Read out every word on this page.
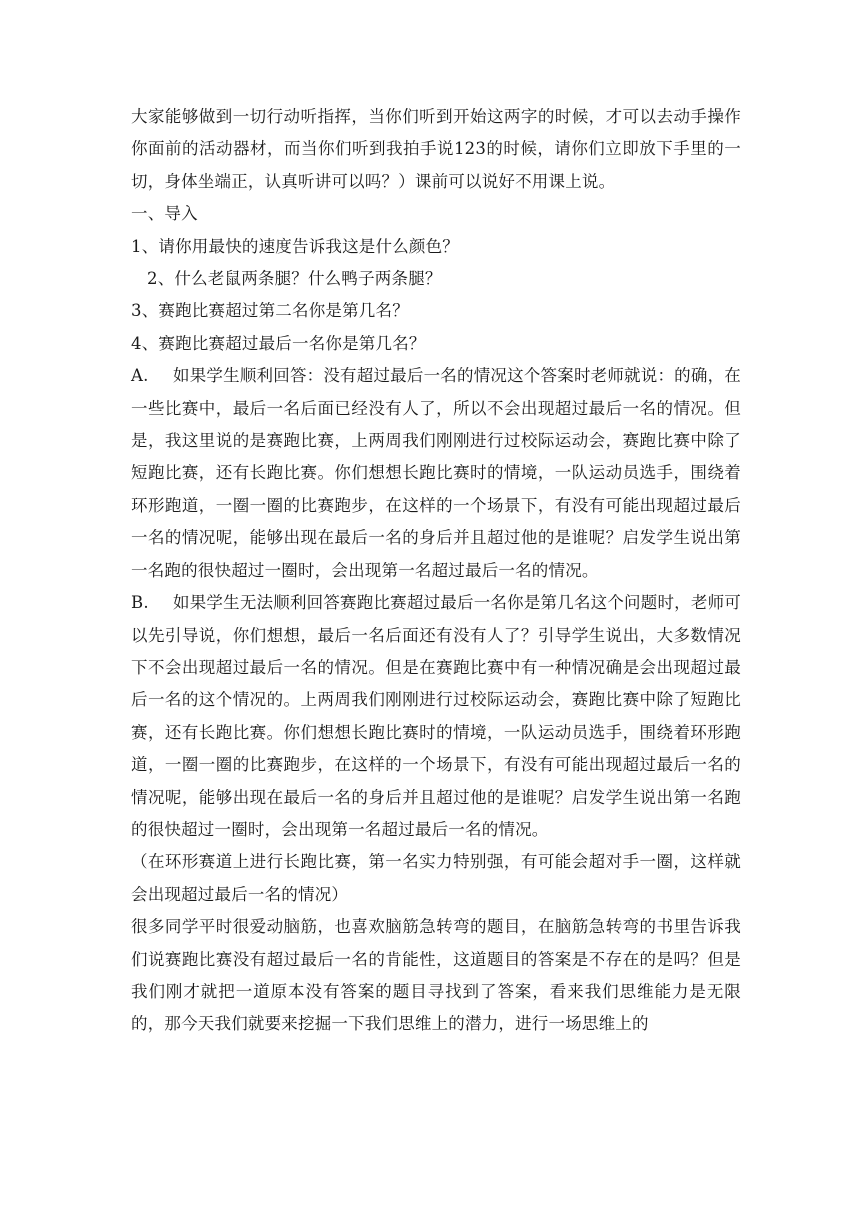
大家能够做到一切行动听指挥，当你们听到开始这两字的时候，才可以去动手操作你面前的活动器材，而当你们听到我拍手说123的时候，请你们立即放下手里的一切，身体坐端正，认真听讲可以吗？）课前可以说好不用课上说。

一、导入

1、请你用最快的速度告诉我这是什么颜色？

2、什么老鼠两条腿？什么鸭子两条腿？

3、赛跑比赛超过第二名你是第几名？

4、赛跑比赛超过最后一名你是第几名？

A. 如果学生顺利回答：没有超过最后一名的情况这个答案时老师就说：的确，在一些比赛中，最后一名后面已经没有人了，所以不会出现超过最后一名的情况。但是，我这里说的是赛跑比赛，上两周我们刚刚进行过校际运动会，赛跑比赛中除了短跑比赛，还有长跑比赛。你们想想长跑比赛时的情境，一队运动员选手，围绕着环形跑道，一圈一圈的比赛跑步，在这样的一个场景下，有没有可能出现超过最后一名的情况呢，能够出现在最后一名的身后并且超过他的是谁呢？启发学生说出第一名跑的很快超过一圈时，会出现第一名超过最后一名的情况。

B. 如果学生无法顺利回答赛跑比赛超过最后一名你是第几名这个问题时，老师可以先引导说，你们想想，最后一名后面还有没有人了？引导学生说出，大多数情况下不会出现超过最后一名的情况。但是在赛跑比赛中有一种情况确是会出现超过最后一名的这个情况的。上两周我们刚刚进行过校际运动会，赛跑比赛中除了短跑比赛，还有长跑比赛。你们想想长跑比赛时的情境，一队运动员选手，围绕着环形跑道，一圈一圈的比赛跑步，在这样的一个场景下，有没有可能出现超过最后一名的情况呢，能够出现在最后一名的身后并且超过他的是谁呢？启发学生说出第一名跑的很快超过一圈时，会出现第一名超过最后一名的情况。

（在环形赛道上进行长跑比赛，第一名实力特别强，有可能会超对手一圈，这样就会出现超过最后一名的情况）

很多同学平时很爱动脑筋，也喜欢脑筋急转弯的题目，在脑筋急转弯的书里告诉我们说赛跑比赛没有超过最后一名的肯能性，这道题目的答案是不存在的是吗？但是我们刚才就把一道原本没有答案的题目寻找到了答案，看来我们思维能力是无限的，那今天我们就要来挖掘一下我们思维上的潜力，进行一场思维上的
